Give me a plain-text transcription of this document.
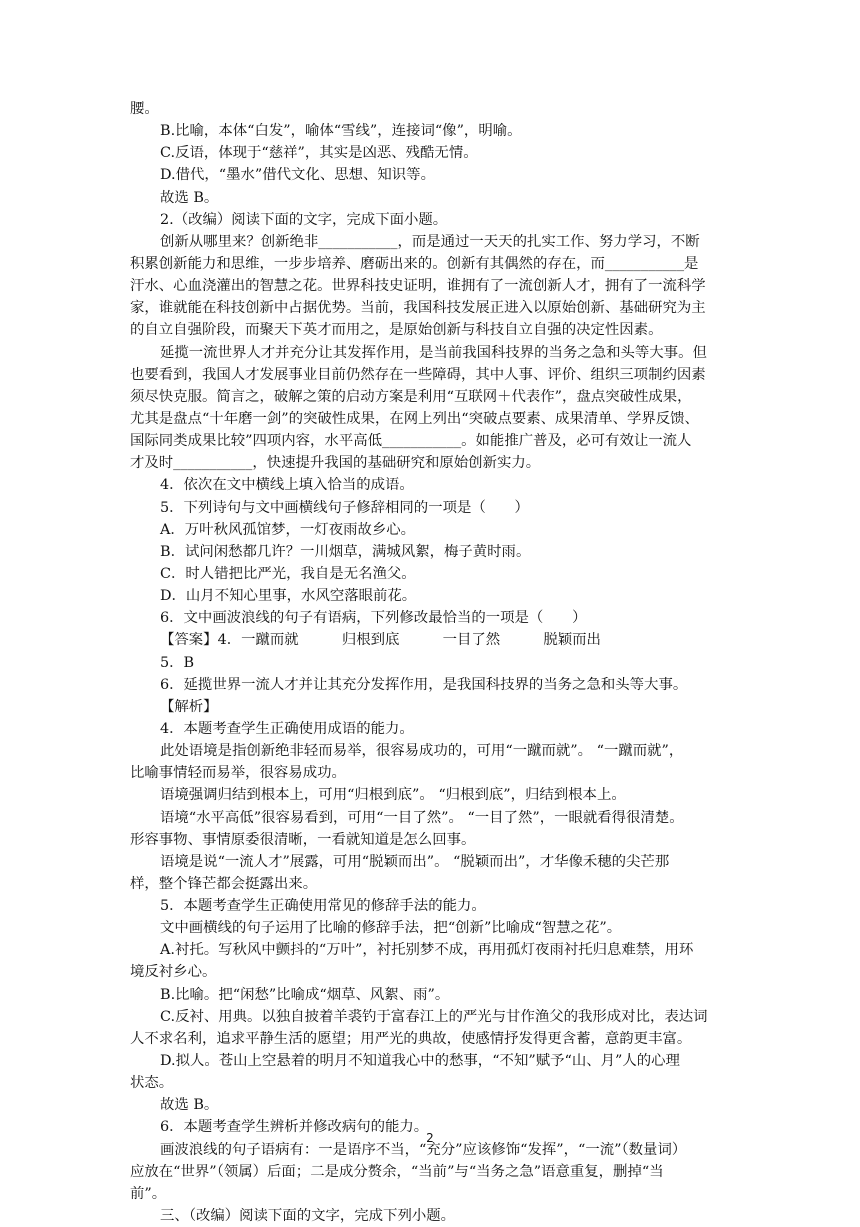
腰。
B.比喻，本体“白发”，喻体“雪线”，连接词“像”，明喻。
C.反语，体现于“慈祥”，其实是凶恶、残酷无情。
D.借代，“墨水”借代文化、思想、知识等。
故选 B。
2.（改编）阅读下面的文字，完成下面小题。
创新从哪里来？创新绝非___________，而是通过一天天的扎实工作、努力学习，不断
积累创新能力和思维，一步步培养、磨砺出来的。创新有其偶然的存在，而___________是
汗水、心血浇灌出的智慧之花。世界科技史证明，谁拥有了一流创新人才，拥有了一流科学
家，谁就能在科技创新中占据优势。当前，我国科技发展正进入以原始创新、基础研究为主
的自立自强阶段，而聚天下英才而用之，是原始创新与科技自立自强的决定性因素。
延揽一流世界人才并充分让其发挥作用，是当前我国科技界的当务之急和头等大事。但
也要看到，我国人才发展事业目前仍然存在一些障碍，其中人事、评价、组织三项制约因素
须尽快克服。简言之，破解之策的启动方案是利用“互联网＋代表作”，盘点突破性成果，
尤其是盘点“十年磨一剑”的突破性成果，在网上列出“突破点要素、成果清单、学界反馈、
国际同类成果比较”四项内容，水平高低___________。如能推广普及，必可有效让一流人
才及时___________，快速提升我国的基础研究和原始创新实力。
4．依次在文中横线上填入恰当的成语。
5．下列诗句与文中画横线句子修辞相同的一项是（　　）
A．万叶秋风孤馆梦，一灯夜雨故乡心。
B．试问闲愁都几许？一川烟草，满城风絮，梅子黄时雨。
C．时人错把比严光，我自是无名渔父。
D．山月不知心里事，水风空落眼前花。
6．文中画波浪线的句子有语病，下列修改最恰当的一项是（　　）
【答案】4．一蹴而就　　　归根到底　　　一目了然　　　脱颖而出
5．B
6．延揽世界一流人才并让其充分发挥作用，是我国科技界的当务之急和头等大事。
【解析】
4．本题考查学生正确使用成语的能力。
此处语境是指创新绝非轻而易举，很容易成功的，可用“一蹴而就”。 “一蹴而就”，
比喻事情轻而易举，很容易成功。
语境强调归结到根本上，可用“归根到底”。 “归根到底”，归结到根本上。
语境“水平高低”很容易看到，可用“一目了然”。 “一目了然”，一眼就看得很清楚。
形容事物、事情原委很清晰，一看就知道是怎么回事。
语境是说“一流人才”展露，可用“脱颖而出”。 “脱颖而出”，才华像禾穗的尖芒那
样，整个锋芒都会挺露出来。
5．本题考查学生正确使用常见的修辞手法的能力。
文中画横线的句子运用了比喻的修辞手法，把“创新”比喻成“智慧之花”。
A.衬托。写秋风中颤抖的“万叶”，衬托别梦不成，再用孤灯夜雨衬托归息难禁，用环
境反衬乡心。
B.比喻。把“闲愁”比喻成“烟草、风絮、雨”。
C.反衬、用典。以独自披着羊裘钓于富春江上的严光与甘作渔父的我形成对比，表达词
人不求名利，追求平静生活的愿望；用严光的典故，使感情抒发得更含蓄，意韵更丰富。
D.拟人。苍山上空悬着的明月不知道我心中的愁事，“不知”赋予“山、月”人的心理
状态。
故选 B。
6．本题考查学生辨析并修改病句的能力。
画波浪线的句子语病有：一是语序不当，“充分”应该修饰“发挥”，“一流”（数量词）
应放在“世界”（领属）后面；二是成分赘余，“当前”与“当务之急”语意重复，删掉“当
前”。
三、（改编）阅读下面的文字，完成下列小题。
2
